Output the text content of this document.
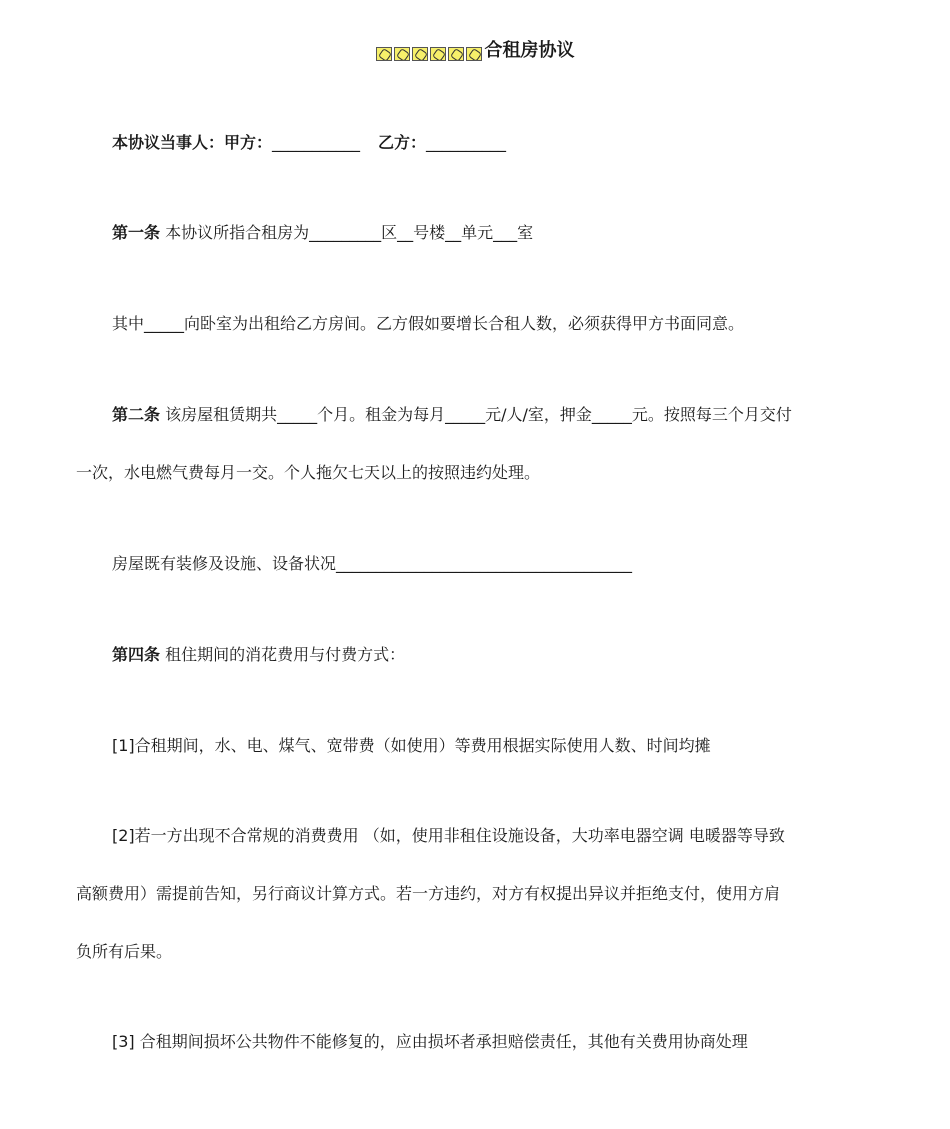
合租房协议
本协议当事人：甲方：___________ 乙方：__________
第一条 本协议所指合租房为_________区__号楼__单元___室
其中_____向卧室为出租给乙方房间。乙方假如要增长合租人数，必须获得甲方书面同意。
第二条 该房屋租赁期共_____个月。租金为每月_____元/人/室，押金_____元。按照每三个月交付
一次，水电燃气费每月一交。个人拖欠七天以上的按照违约处理。
房屋既有装修及设施、设备状况_____________________________________
第四条 租住期间的消花费用与付费方式：
[1]合租期间，水、电、煤气、宽带费（如使用）等费用根据实际使用人数、时间均摊
[2]若一方出现不合常规的消费费用 （如，使用非租住设施设备，大功率电器空调 电暖器等导致
高额费用）需提前告知，另行商议计算方式。若一方违约，对方有权提出异议并拒绝支付，使用方肩
负所有后果。
[3] 合租期间损坏公共物件不能修复的，应由损坏者承担赔偿责任，其他有关费用协商处理
